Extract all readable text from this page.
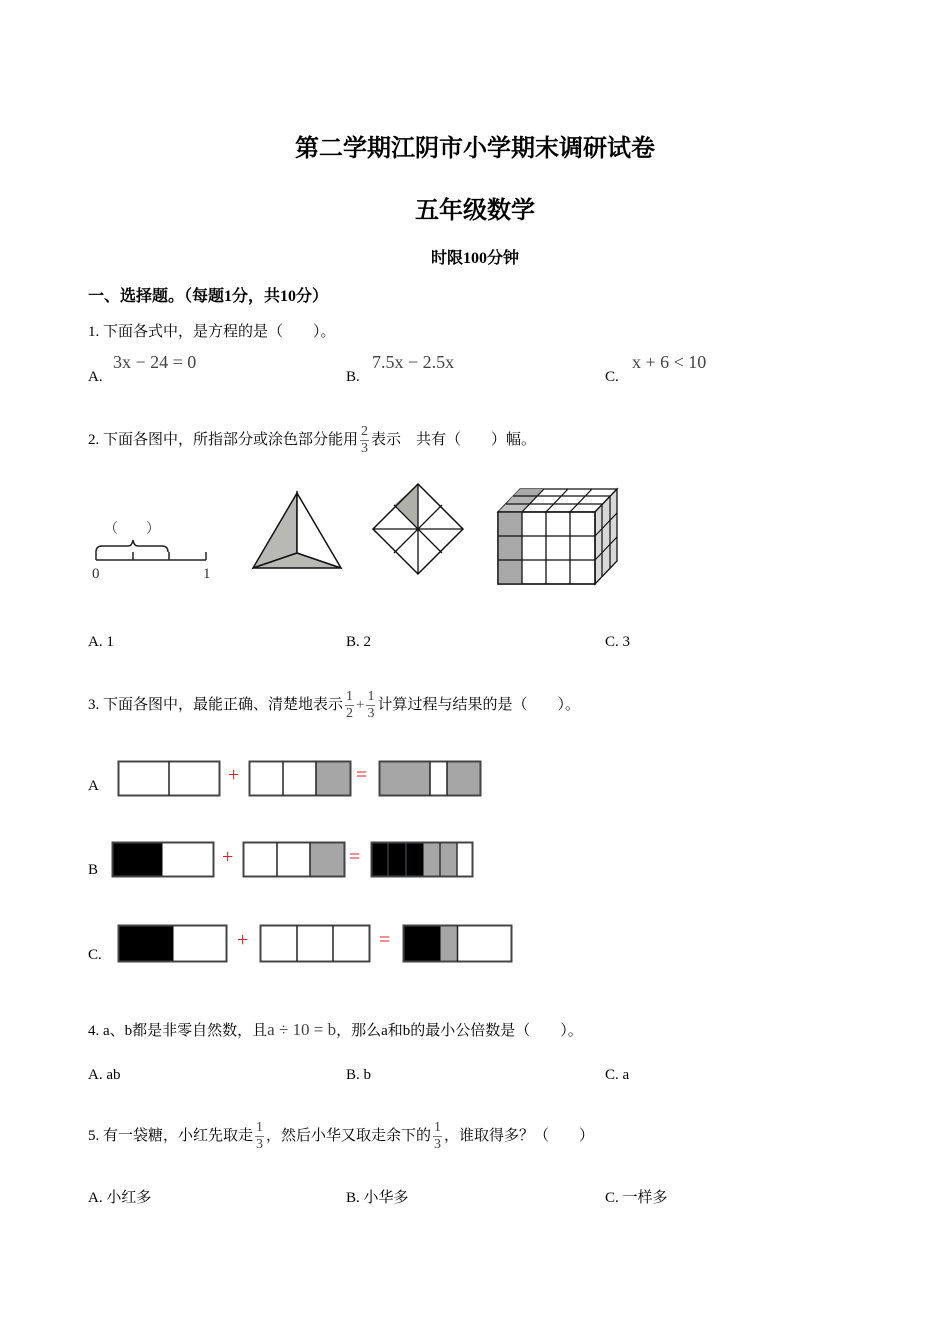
第二学期江阴市小学期末调研试卷
五年级数学
时限100分钟
一、选择题。（每题1分，共10分）
1. 下面各式中，是方程的是（　　）。
A.
3x − 24 = 0
B.
7.5x − 2.5x
C.
x + 6 < 10
2. 下面各图中，所指部分或涂色部分能用 $\frac{2}{3}$ 表示　共有（　　）幅。
（　　）
0	1
A. 1	B. 2	C. 3
3. 下面各图中，最能正确、清楚地表示 $\frac{1}{2} + \frac{1}{3}$ 计算过程与结果的是（　　）。
A	+	=
B
+	=
C.
+	=
4. a、b都是非零自然数，且a ÷ 10 = b，那么a和b的最小公倍数是（　　）。
A. ab	B. b	C. a
5. 有一袋糖，小红先取走 $\frac{1}{3}$ ，然后小华又取走余下的 $\frac{1}{3}$ ，谁取得多？（　　）
A. 小红多	B. 小华多	C. 一样多
